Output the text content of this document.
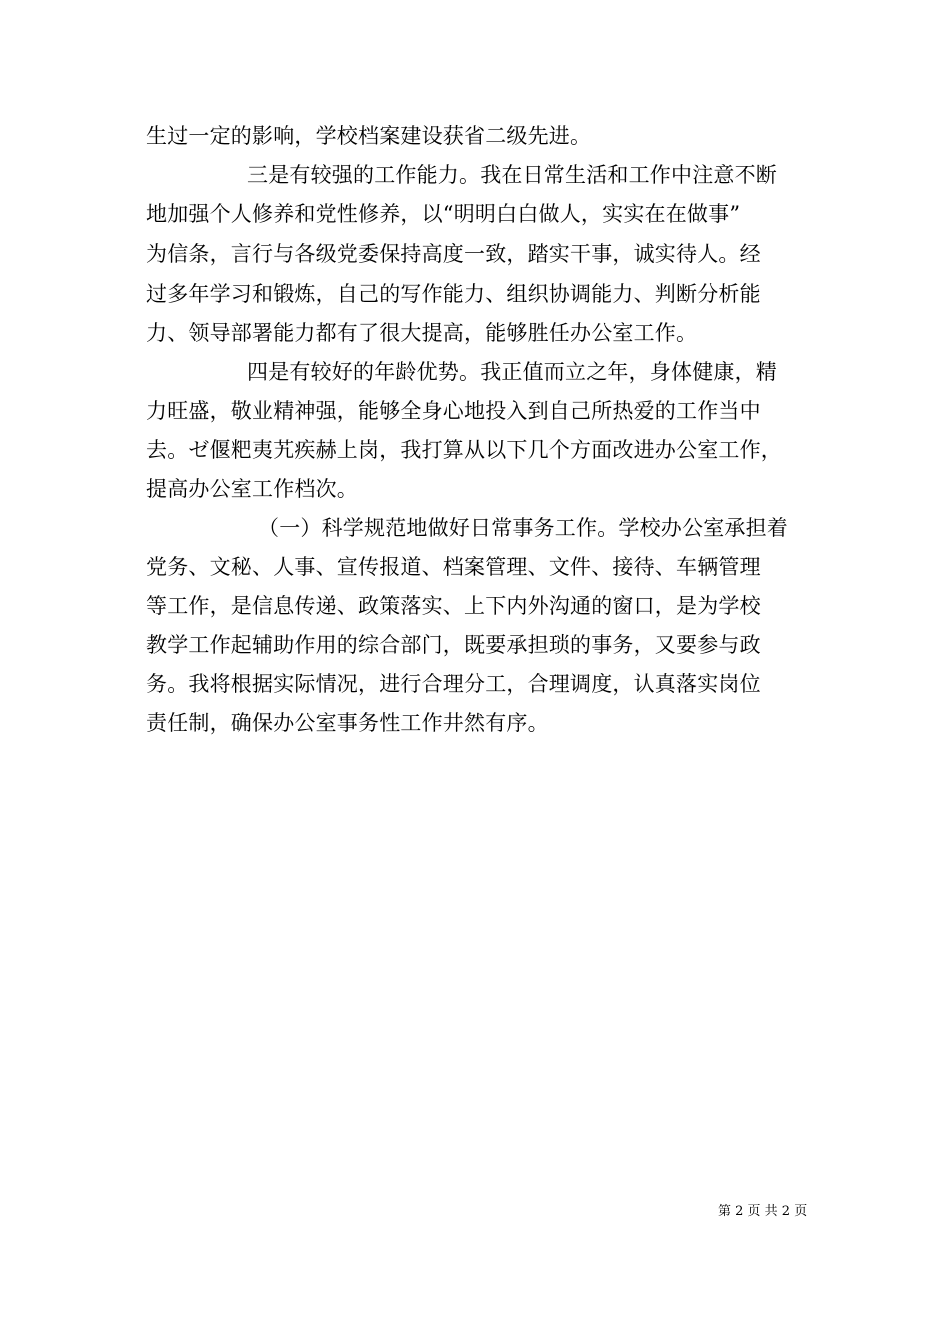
生过一定的影响，学校档案建设获省二级先进。
三是有较强的工作能力。我在日常生活和工作中注意不断
地加强个人修养和党性修养，以“明明白白做人，实实在在做事”
为信条，言行与各级党委保持高度一致，踏实干事，诚实待人。经
过多年学习和锻炼，自己的写作能力、组织协调能力、判断分析能
力、领导部署能力都有了很大提高，能够胜任办公室工作。
四是有较好的年龄优势。我正值而立之年，身体健康，精
力旺盛，敬业精神强，能够全身心地投入到自己所热爱的工作当中
去。ゼ偃粑夷艽疾赫上岗，我打算从以下几个方面改进办公室工作，
提高办公室工作档次。
（一）科学规范地做好日常事务工作。学校办公室承担着
党务、文秘、人事、宣传报道、档案管理、文件、接待、车辆管理
等工作，是信息传递、政策落实、上下内外沟通的窗口，是为学校
教学工作起辅助作用的综合部门，既要承担琐的事务，又要参与政
务。我将根据实际情况，进行合理分工，合理调度，认真落实岗位
责任制，确保办公室事务性工作井然有序。
第 2 页 共 2 页
